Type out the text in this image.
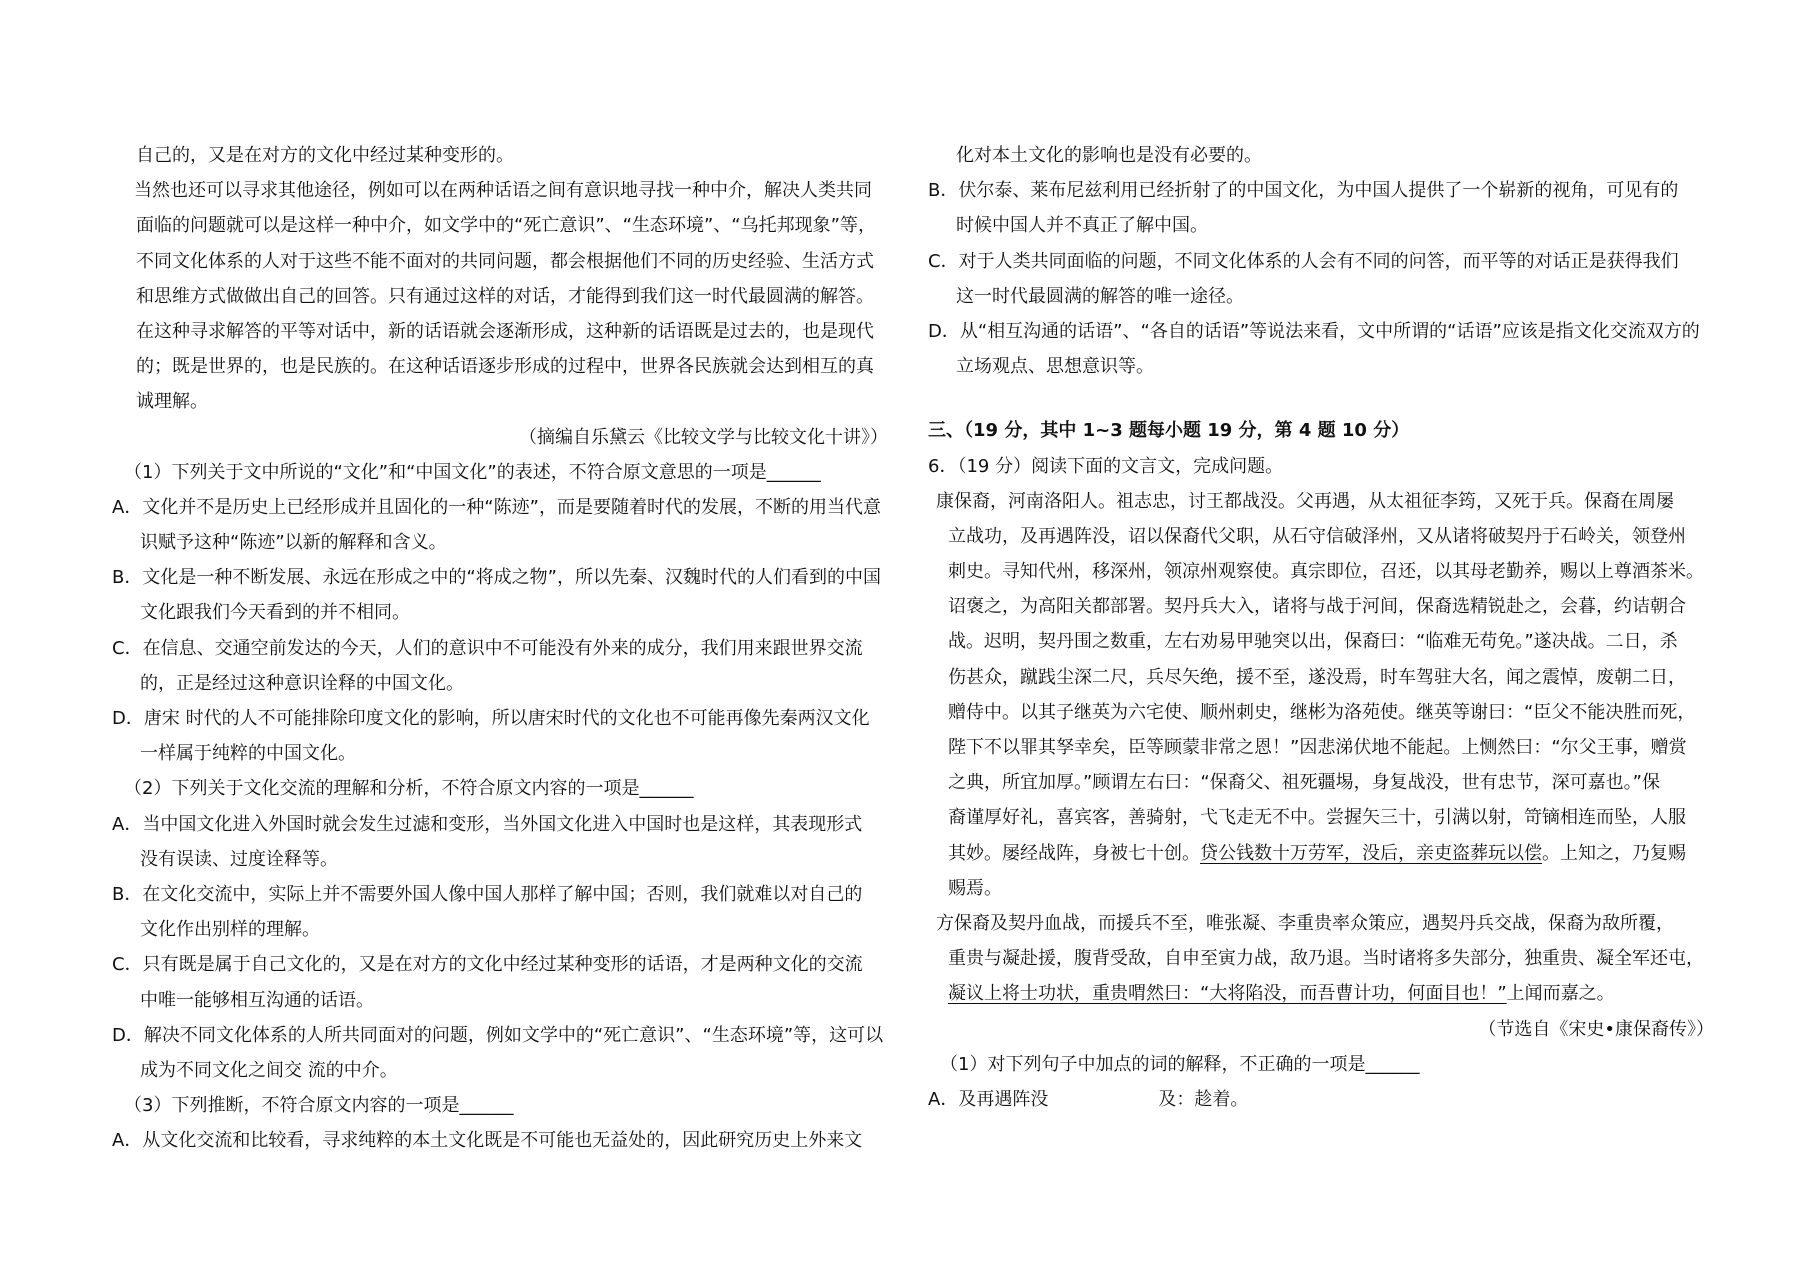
自己的，又是在对方的文化中经过某种变形的。
当然也还可以寻求其他途径，例如可以在两种话语之间有意识地寻找一种中介，解决人类共同
面临的问题就可以是这样一种中介，如文学中的“死亡意识”、“生态环境”、“乌托邦现象”等，
不同文化体系的人对于这些不能不面对的共同问题，都会根据他们不同的历史经验、生活方式
和思维方式做做出自己的回答。只有通过这样的对话，才能得到我们这一时代最圆满的解答。
在这种寻求解答的平等对话中，新的话语就会逐渐形成，这种新的话语既是过去的，也是现代
的；既是世界的，也是民族的。在这种话语逐步形成的过程中，世界各民族就会达到相互的真
诚理解。
（摘编自乐黛云《比较文学与比较文化十讲》）
（1）下列关于文中所说的“文化”和“中国文化”的表述，不符合原文意思的一项是______
A．文化并不是历史上已经形成并且固化的一种“陈迹”，而是要随着时代的发展，不断的用当代意
识赋予这种“陈迹”以新的解释和含义。
B．文化是一种不断发展、永远在形成之中的“将成之物”，所以先秦、汉魏时代的人们看到的中国
文化跟我们今天看到的并不相同。
C．在信息、交通空前发达的今天，人们的意识中不可能没有外来的成分，我们用来跟世界交流
的，正是经过这种意识诠释的中国文化。
D．唐宋 时代的人不可能排除印度文化的影响，所以唐宋时代的文化也不可能再像先秦两汉文化
一样属于纯粹的中国文化。
（2）下列关于文化交流的理解和分析，不符合原文内容的一项是______
A．当中国文化进入外国时就会发生过滤和变形，当外国文化进入中国时也是这样，其表现形式
没有误读、过度诠释等。
B．在文化交流中，实际上并不需要外国人像中国人那样了解中国；否则，我们就难以对自己的
文化作出别样的理解。
C．只有既是属于自己文化的，又是在对方的文化中经过某种变形的话语，才是两种文化的交流
中唯一能够相互沟通的话语。
D．解决不同文化体系的人所共同面对的问题，例如文学中的“死亡意识”、“生态环境”等，这可以
成为不同文化之间交 流的中介。
（3）下列推断，不符合原文内容的一项是______
A．从文化交流和比较看，寻求纯粹的本土文化既是不可能也无益处的，因此研究历史上外来文
化对本土文化的影响也是没有必要的。
B．伏尔泰、莱布尼兹利用已经折射了的中国文化，为中国人提供了一个崭新的视角，可见有的
时候中国人并不真正了解中国。
C．对于人类共同面临的问题，不同文化体系的人会有不同的问答，而平等的对话正是获得我们
这一时代最圆满的解答的唯一途径。
D．从“相互沟通的话语”、“各自的话语”等说法来看，文中所谓的“话语”应该是指文化交流双方的
立场观点、思想意识等。
三、（19 分，其中 1~3 题每小题 19 分，第 4 题 10 分）
6．（19 分）阅读下面的文言文，完成问题。
康保裔，河南洛阳人。祖志忠，讨王都战没。父再遇，从太祖征李筠，又死于兵。保裔在周屡
立战功，及再遇阵没，诏以保裔代父职，从石守信破泽州，又从诸将破契丹于石岭关，领登州
刺史。寻知代州，移深州，领凉州观察使。真宗即位，召还，以其母老勤养，赐以上尊酒茶米。
诏褒之，为高阳关都部署。契丹兵大入，诸将与战于河间，保裔选精锐赴之，会暮，约诘朝合
战。迟明，契丹围之数重，左右劝易甲驰突以出，保裔曰：“临难无苟免。”遂决战。二日，杀
伤甚众，蹴践尘深二尺，兵尽矢绝，援不至，遂没焉，时车驾驻大名，闻之震悼，废朝二日，
赠侍中。以其子继英为六宅使、顺州刺史，继彬为洛苑使。继英等谢曰：“臣父不能决胜而死，
陛下不以罪其孥幸矣，臣等顾蒙非常之恩！”因悲涕伏地不能起。上恻然曰：“尔父王事，赠赏
之典，所宜加厚。”顾谓左右曰：“保裔父、祖死疆埸，身复战没，世有忠节，深可嘉也。”保
裔谨厚好礼，喜宾客，善骑射，弋飞走无不中。尝握矢三十，引满以射，笴镝相连而坠，人服
其妙。屡经战阵，身被七十创。贷公钱数十万劳军，没后，亲吏盗葬玩以偿。上知之，乃复赐
赐焉。
方保裔及契丹血战，而援兵不至，唯张凝、李重贵率众策应，遇契丹兵交战，保裔为敌所覆，
重贵与凝赴援，腹背受敌，自申至寅力战，敌乃退。当时诸将多失部分，独重贵、凝全军还屯，
凝议上将士功状，重贵喟然曰：“大将陷没，而吾曹计功，何面目也！”上闻而嘉之。
（节选自《宋史•康保裔传》）
（1）对下列句子中加点的词的解释，不正确的一项是______
A．及再遇阵没	及：趁着。
